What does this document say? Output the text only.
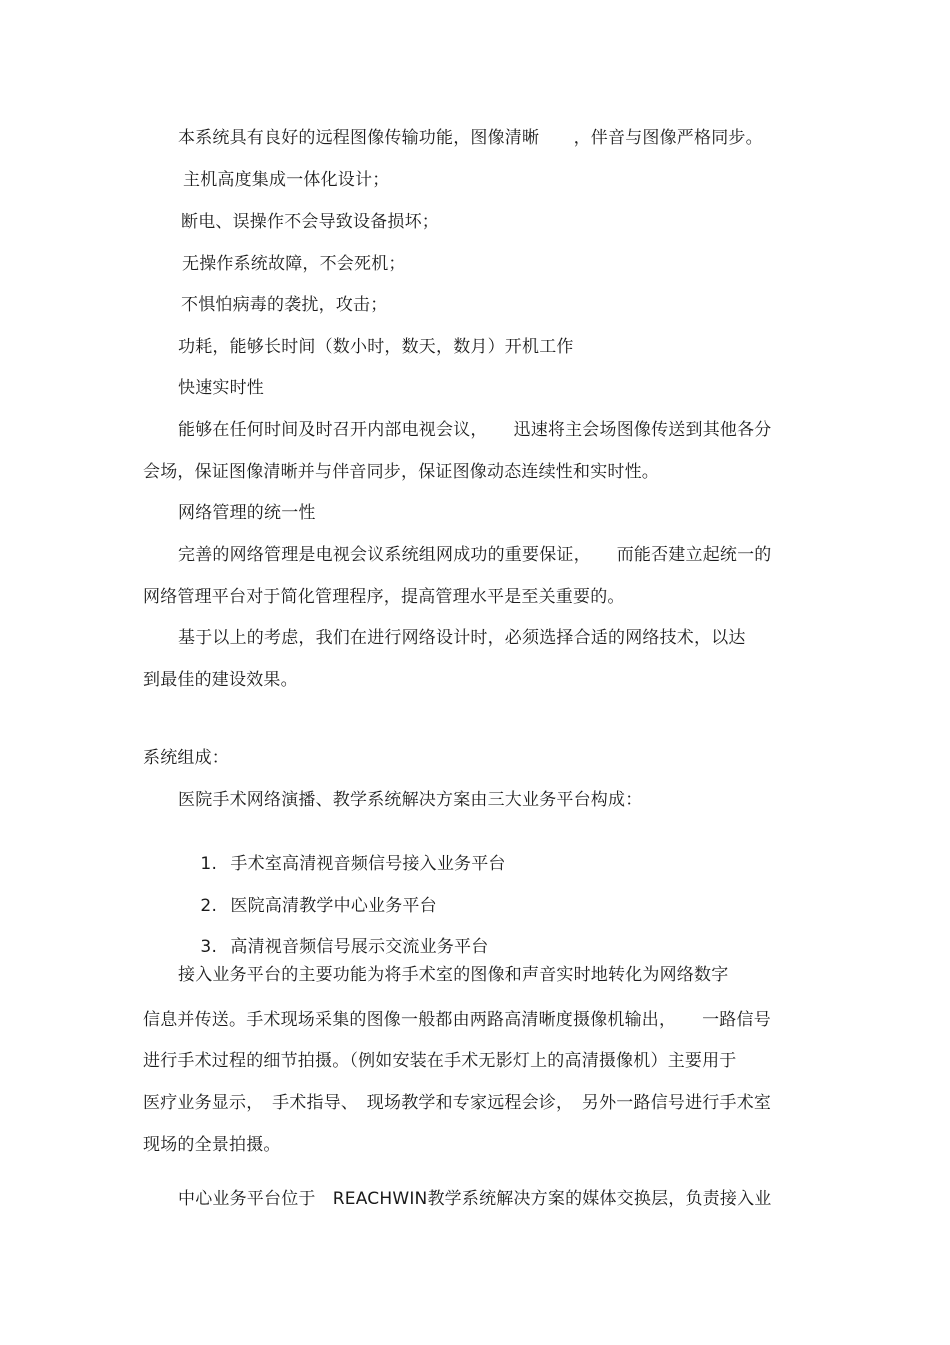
本系统具有良好的远程图像传输功能，图像清晰　　，伴音与图像严格同步。
主机高度集成一体化设计；
断电、误操作不会导致设备损坏；
无操作系统故障，不会死机；
不惧怕病毒的袭扰，攻击；
功耗，能够长时间（数小时，数天，数月）开机工作
快速实时性
能够在任何时间及时召开内部电视会议，　　迅速将主会场图像传送到其他各分
会场，保证图像清晰并与伴音同步，保证图像动态连续性和实时性。
网络管理的统一性
完善的网络管理是电视会议系统组网成功的重要保证，　　而能否建立起统一的
网络管理平台对于简化管理程序，提高管理水平是至关重要的。
基于以上的考虑，我们在进行网络设计时，必须选择合适的网络技术，以达
到最佳的建设效果。
系统组成：
医院手术网络演播、教学系统解决方案由三大业务平台构成：

1. 手术室高清视音频信号接入业务平台

2. 医院高清教学中心业务平台

3. 高清视音频信号展示交流业务平台

接入业务平台的主要功能为将手术室的图像和声音实时地转化为网络数字
信息并传送。手术现场采集的图像一般都由两路高清晰度摄像机输出，　　一路信号
进行手术过程的细节拍摄。（例如安装在手术无影灯上的高清摄像机）主要用于
医疗业务显示，　手术指导、　现场教学和专家远程会诊，　另外一路信号进行手术室
现场的全景拍摄。
中心业务平台位于　REACHWIN教学系统解决方案的媒体交换层，负责接入业
